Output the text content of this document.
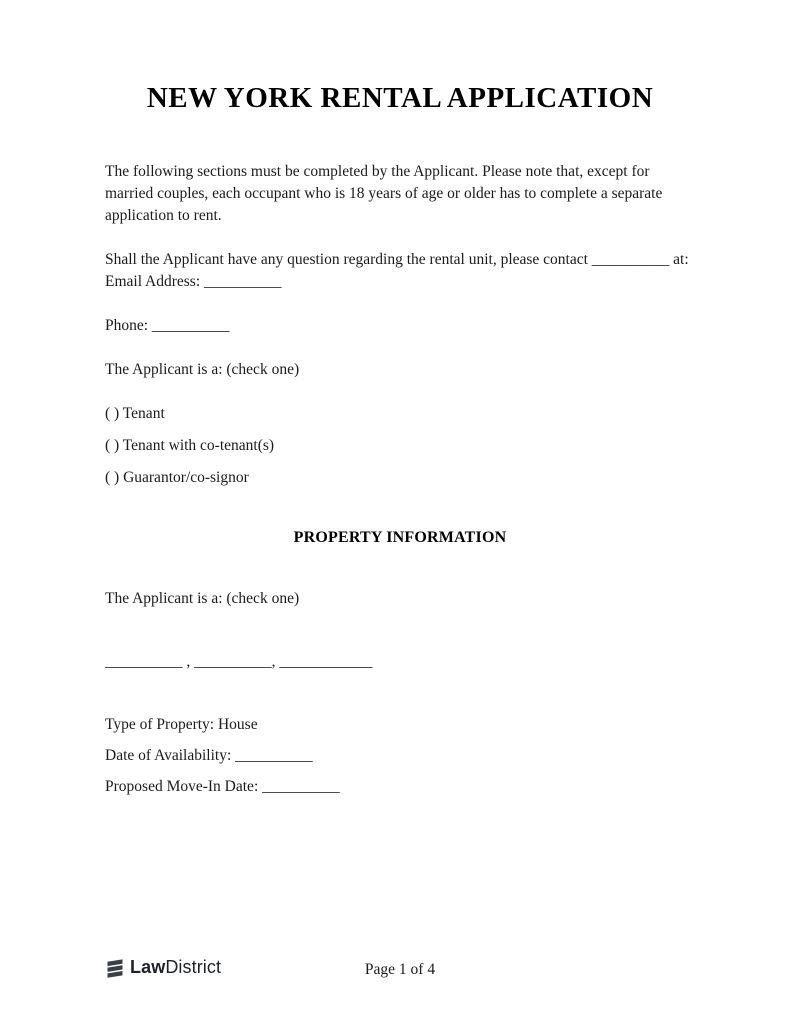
NEW YORK RENTAL APPLICATION

The following sections must be completed by the Applicant. Please note that, except for married couples, each occupant who is 18 years of age or older has to complete a separate application to rent.

Shall the Applicant have any question regarding the rental unit, please contact __________ at:
Email Address: __________

Phone: __________

The Applicant is a: (check one)

( ) Tenant

( ) Tenant with co-tenant(s)

( ) Guarantor/co-signor

PROPERTY INFORMATION

The Applicant is a: (check one)

__________ , __________, ____________

Type of Property: House

Date of Availability: __________

Proposed Move-In Date: __________

LawDistrict	Page 1 of 4
